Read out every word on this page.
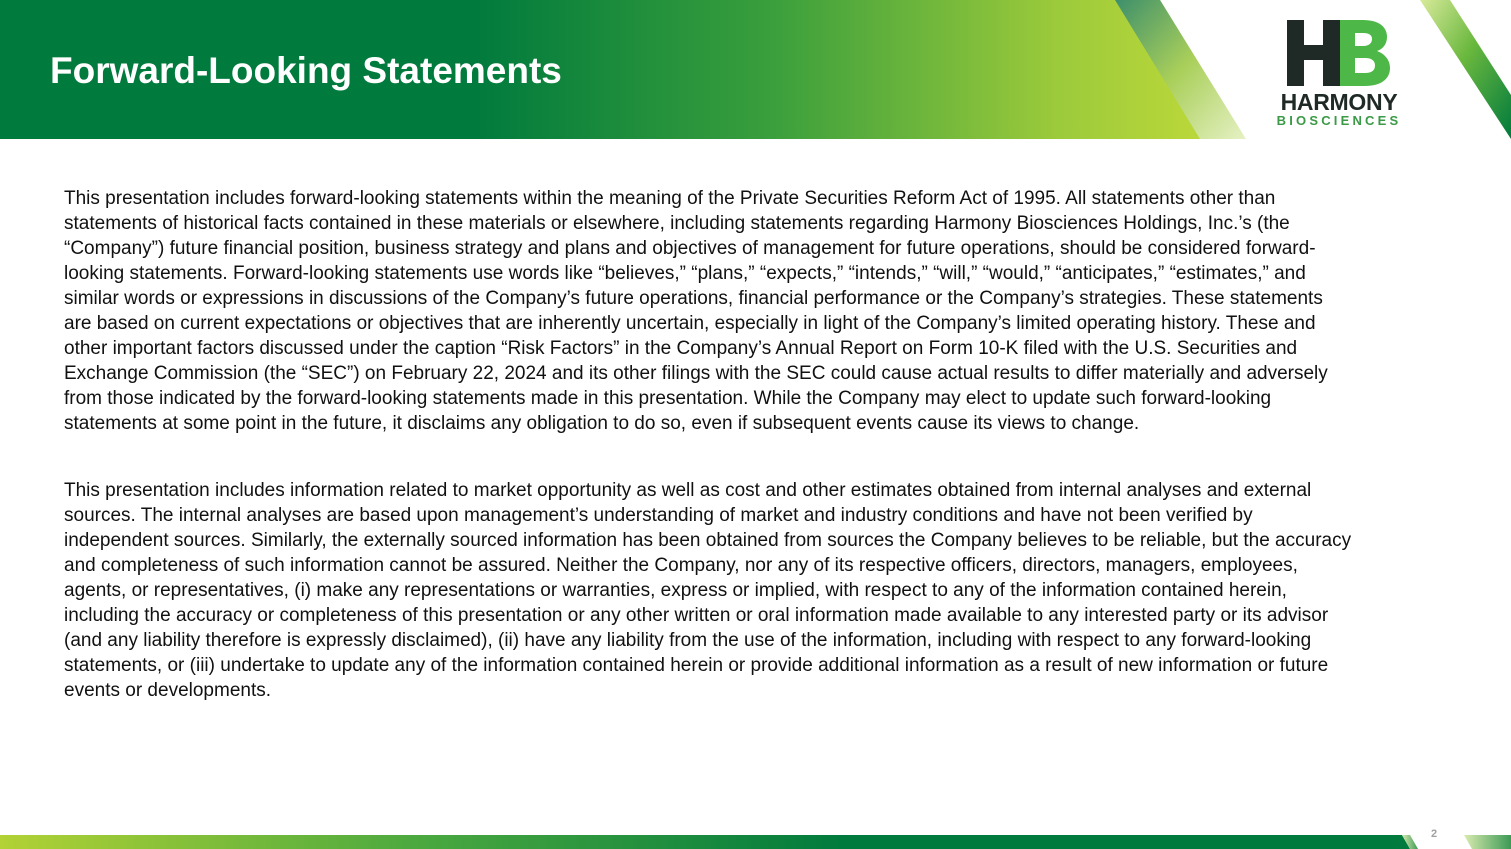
Forward-Looking Statements
HARMONY
BIOSCIENCES

This presentation includes forward-looking statements within the meaning of the Private Securities Reform Act of 1995. All statements other than statements of historical facts contained in these materials or elsewhere, including statements regarding Harmony Biosciences Holdings, Inc.’s (the “Company”) future financial position, business strategy and plans and objectives of management for future operations, should be considered forward-looking statements. Forward-looking statements use words like “believes,” “plans,” “expects,” “intends,” “will,” “would,” “anticipates,” “estimates,” and similar words or expressions in discussions of the Company’s future operations, financial performance or the Company’s strategies. These statements are based on current expectations or objectives that are inherently uncertain, especially in light of the Company’s limited operating history. These and other important factors discussed under the caption “Risk Factors” in the Company’s Annual Report on Form 10-K filed with the U.S. Securities and Exchange Commission (the “SEC”) on February 22, 2024 and its other filings with the SEC could cause actual results to differ materially and adversely from those indicated by the forward-looking statements made in this presentation. While the Company may elect to update such forward-looking statements at some point in the future, it disclaims any obligation to do so, even if subsequent events cause its views to change.

This presentation includes information related to market opportunity as well as cost and other estimates obtained from internal analyses and external sources. The internal analyses are based upon management’s understanding of market and industry conditions and have not been verified by independent sources. Similarly, the externally sourced information has been obtained from sources the Company believes to be reliable, but the accuracy and completeness of such information cannot be assured. Neither the Company, nor any of its respective officers, directors, managers, employees, agents, or representatives, (i) make any representations or warranties, express or implied, with respect to any of the information contained herein, including the accuracy or completeness of this presentation or any other written or oral information made available to any interested party or its advisor (and any liability therefore is expressly disclaimed), (ii) have any liability from the use of the information, including with respect to any forward-looking statements, or (iii) undertake to update any of the information contained herein or provide additional information as a result of new information or future events or developments.

2
